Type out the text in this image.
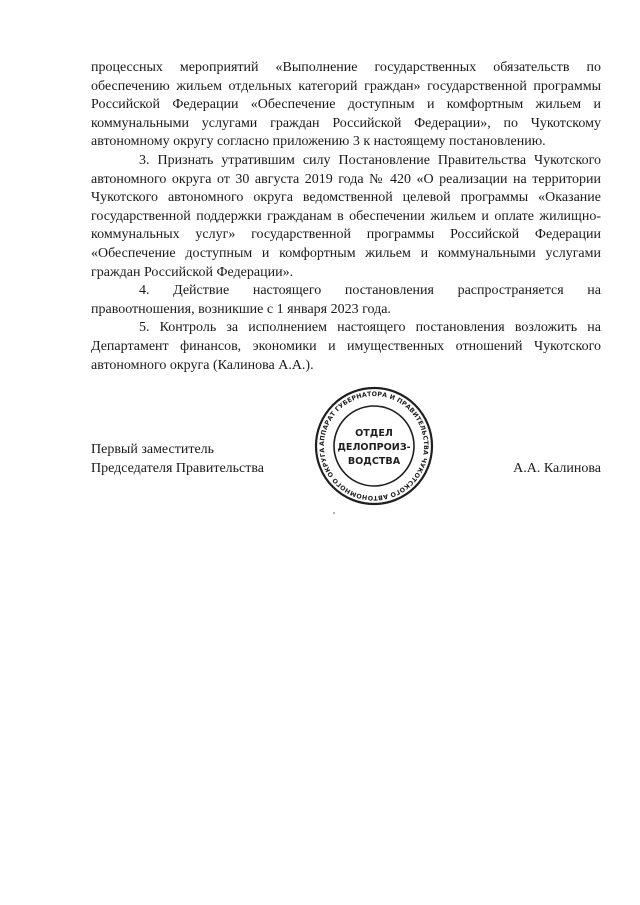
процессных мероприятий «Выполнение государственных обязательств по обеспечению жильем отдельных категорий граждан» государственной программы Российской Федерации «Обеспечение доступным и комфортным жильем и коммунальными услугами граждан Российской Федерации», по Чукотскому автономному округу согласно приложению 3 к настоящему постановлению.

3. Признать утратившим силу Постановление Правительства Чукотского автономного округа от 30 августа 2019 года № 420 «О реализации на территории Чукотского автономного округа ведомственной целевой программы «Оказание государственной поддержки гражданам в обеспечении жильем и оплате жилищно-коммунальных услуг» государственной программы Российской Федерации «Обеспечение доступным и комфортным жильем и коммунальными услугами граждан Российской Федерации».

4. Действие настоящего постановления распространяется на правоотношения, возникшие с 1 января 2023 года.

5. Контроль за исполнением настоящего постановления возложить на Департамент финансов, экономики и имущественных отношений Чукотского автономного округа (Калинова А.А.).

Первый заместитель
Председателя Правительства	А.А. Калинова
АППАРАТ ГУБЕРНАТОРА И ПРАВИТЕЛЬСТВА ЧУКОТСКОГО АВТОНОМНОГО ОКРУГА
ОТДЕЛ
ДЕЛОПРОИЗ-
ВОДСТВА
